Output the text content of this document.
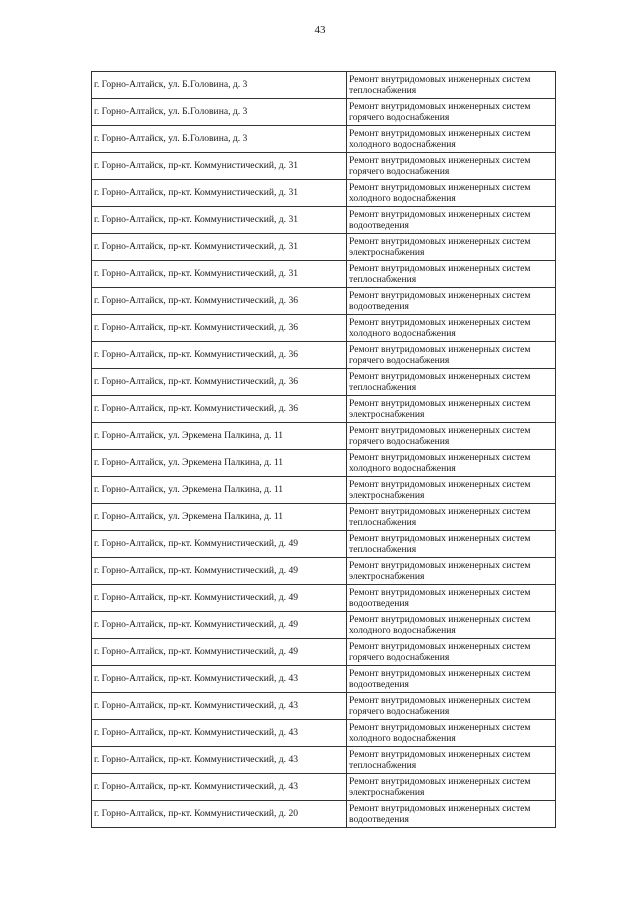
43
г. Горно-Алтайск, ул. Б.Головина, д. 3	Ремонт внутридомовых инженерных систем теплоснабжения
г. Горно-Алтайск, ул. Б.Головина, д. 3	Ремонт внутридомовых инженерных систем горячего водоснабжения
г. Горно-Алтайск, ул. Б.Головина, д. 3	Ремонт внутридомовых инженерных систем холодного водоснабжения
г. Горно-Алтайск, пр-кт. Коммунистический, д. 31	Ремонт внутридомовых инженерных систем горячего водоснабжения
г. Горно-Алтайск, пр-кт. Коммунистический, д. 31	Ремонт внутридомовых инженерных систем холодного водоснабжения
г. Горно-Алтайск, пр-кт. Коммунистический, д. 31	Ремонт внутридомовых инженерных систем водоотведения
г. Горно-Алтайск, пр-кт. Коммунистический, д. 31	Ремонт внутридомовых инженерных систем электроснабжения
г. Горно-Алтайск, пр-кт. Коммунистический, д. 31	Ремонт внутридомовых инженерных систем теплоснабжения
г. Горно-Алтайск, пр-кт. Коммунистический, д. 36	Ремонт внутридомовых инженерных систем водоотведения
г. Горно-Алтайск, пр-кт. Коммунистический, д. 36	Ремонт внутридомовых инженерных систем холодного водоснабжения
г. Горно-Алтайск, пр-кт. Коммунистический, д. 36	Ремонт внутридомовых инженерных систем горячего водоснабжения
г. Горно-Алтайск, пр-кт. Коммунистический, д. 36	Ремонт внутридомовых инженерных систем теплоснабжения
г. Горно-Алтайск, пр-кт. Коммунистический, д. 36	Ремонт внутридомовых инженерных систем электроснабжения
г. Горно-Алтайск, ул. Эркемена Палкина, д. 11	Ремонт внутридомовых инженерных систем горячего водоснабжения
г. Горно-Алтайск, ул. Эркемена Палкина, д. 11	Ремонт внутридомовых инженерных систем холодного водоснабжения
г. Горно-Алтайск, ул. Эркемена Палкина, д. 11	Ремонт внутридомовых инженерных систем электроснабжения
г. Горно-Алтайск, ул. Эркемена Палкина, д. 11	Ремонт внутридомовых инженерных систем теплоснабжения
г. Горно-Алтайск, пр-кт. Коммунистический, д. 49	Ремонт внутридомовых инженерных систем теплоснабжения
г. Горно-Алтайск, пр-кт. Коммунистический, д. 49	Ремонт внутридомовых инженерных систем электроснабжения
г. Горно-Алтайск, пр-кт. Коммунистический, д. 49	Ремонт внутридомовых инженерных систем водоотведения
г. Горно-Алтайск, пр-кт. Коммунистический, д. 49	Ремонт внутридомовых инженерных систем холодного водоснабжения
г. Горно-Алтайск, пр-кт. Коммунистический, д. 49	Ремонт внутридомовых инженерных систем горячего водоснабжения
г. Горно-Алтайск, пр-кт. Коммунистический, д. 43	Ремонт внутридомовых инженерных систем водоотведения
г. Горно-Алтайск, пр-кт. Коммунистический, д. 43	Ремонт внутридомовых инженерных систем горячего водоснабжения
г. Горно-Алтайск, пр-кт. Коммунистический, д. 43	Ремонт внутридомовых инженерных систем холодного водоснабжения
г. Горно-Алтайск, пр-кт. Коммунистический, д. 43	Ремонт внутридомовых инженерных систем теплоснабжения
г. Горно-Алтайск, пр-кт. Коммунистический, д. 43	Ремонт внутридомовых инженерных систем электроснабжения
г. Горно-Алтайск, пр-кт. Коммунистический, д. 20	Ремонт внутридомовых инженерных систем водоотведения
